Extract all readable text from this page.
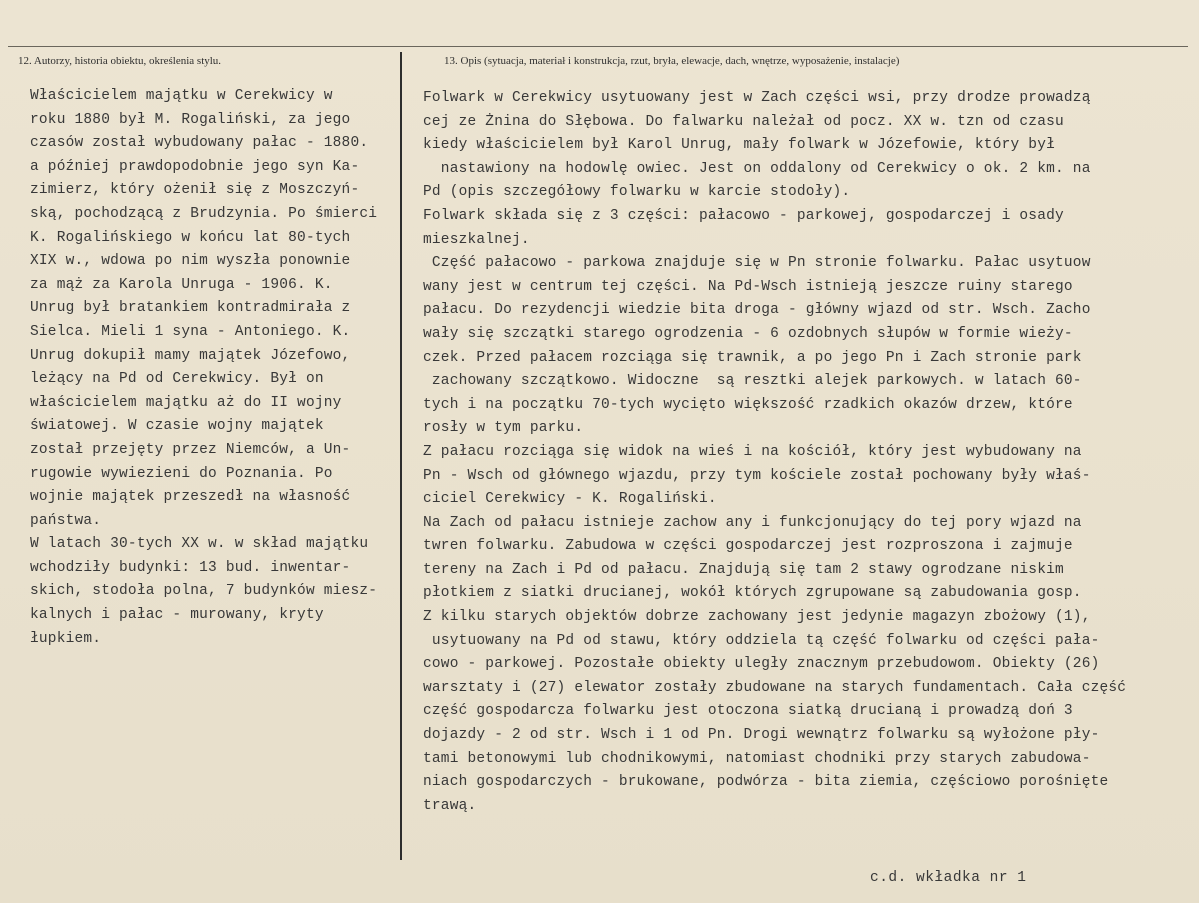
12. Autorzy, historia obiektu, określenia stylu.	13. Opis (sytuacja, materiał i konstrukcja, rzut, bryła, elewacje, dach, wnętrze, wyposażenie, instalacje)
Właścicielem majątku w Cerekwicy w
roku 1880 był M. Rogaliński, za jego
czasów został wybudowany pałac - 1880.
a później prawdopodobnie jego syn Ka-
zimierz, który ożenił się z Moszczyń-
ską, pochodzącą z Brudzynia. Po śmierci
K. Rogalińskiego w końcu lat 80-tych
XIX w., wdowa po nim wyszła ponownie
za mąż za Karola Unruga - 1906. K.
Unrug był bratankiem kontradmirała z
Sielca. Mieli 1 syna - Antoniego. K.
Unrug dokupił mamy majątek Józefowo,
leżący na Pd od Cerekwicy. Był on
właścicielem majątku aż do II wojny
światowej. W czasie wojny majątek
został przejęty przez Niemców, a Un-
rugowie wywiezieni do Poznania. Po
wojnie majątek przeszedł na własność
państwa.
W latach 30-tych XX w. w skład majątku
wchodziły budynki: 13 bud. inwentar-
skich, stodoła polna, 7 budynków miesz-
kalnych i pałac - murowany, kryty
łupkiem.
Folwark w Cerekwicy usytuowany jest w Zach części wsi, przy drodze prowadzą
cej ze Żnina do Słębowa. Do falwarku należał od pocz. XX w. tzn od czasu
kiedy właścicielem był Karol Unrug, mały folwark w Józefowie, który był
nastawiony na hodowlę owiec. Jest on oddalony od Cerekwicy o ok. 2 km. na
Pd (opis szczegółowy folwarku w karcie stodoły).
Folwark składa się z 3 części: pałacowo - parkowej, gospodarczej i osady
mieszkalnej.
Część pałacowo - parkowa znajduje się w Pn stronie folwarku. Pałac usytuow
wany jest w centrum tej części. Na Pd-Wsch istnieją jeszcze ruiny starego
pałacu. Do rezydencji wiedzie bita droga - główny wjazd od str. Wsch. Zacho
wały się szczątki starego ogrodzenia - 6 ozdobnych słupów w formie wieży-
czek. Przed pałacem rozciąga się trawnik, a po jego Pn i Zach stronie park
zachowany szczątkowo. Widoczne  są resztki alejek parkowych. w latach 60-
tych i na początku 70-tych wycięto większość rzadkich okazów drzew, które
rosły w tym parku.
Z pałacu rozciąga się widok na wieś i na kościół, który jest wybudowany na
Pn - Wsch od głównego wjazdu, przy tym kościele został pochowany były właś-
ciciel Cerekwicy - K. Rogaliński.
Na Zach od pałacu istnieje zachow any i funkcjonujący do tej pory wjazd na
twren folwarku. Zabudowa w części gospodarczej jest rozproszona i zajmuje
tereny na Zach i Pd od pałacu. Znajdują się tam 2 stawy ogrodzane niskim
płotkiem z siatki drucianej, wokół których zgrupowane są zabudowania gosp.
Z kilku starych objektów dobrze zachowany jest jedynie magazyn zbożowy (1),
usytuowany na Pd od stawu, który oddziela tą część folwarku od części pała-
cowo - parkowej. Pozostałe obiekty uległy znacznym przebudowom. Obiekty (26)
warsztaty i (27) elewator zostały zbudowane na starych fundamentach. Cała część
część gospodarcza folwarku jest otoczona siatką drucianą i prowadzą doń 3
dojazdy - 2 od str. Wsch i 1 od Pn. Drogi wewnątrz folwarku są wyłożone pły-
tami betonowymi lub chodnikowymi, natomiast chodniki przy starych zabudowa-
niach gospodarczych - brukowane, podwórza - bita ziemia, częściowo porośnięte
trawą.
c.d. wkładka nr 1
